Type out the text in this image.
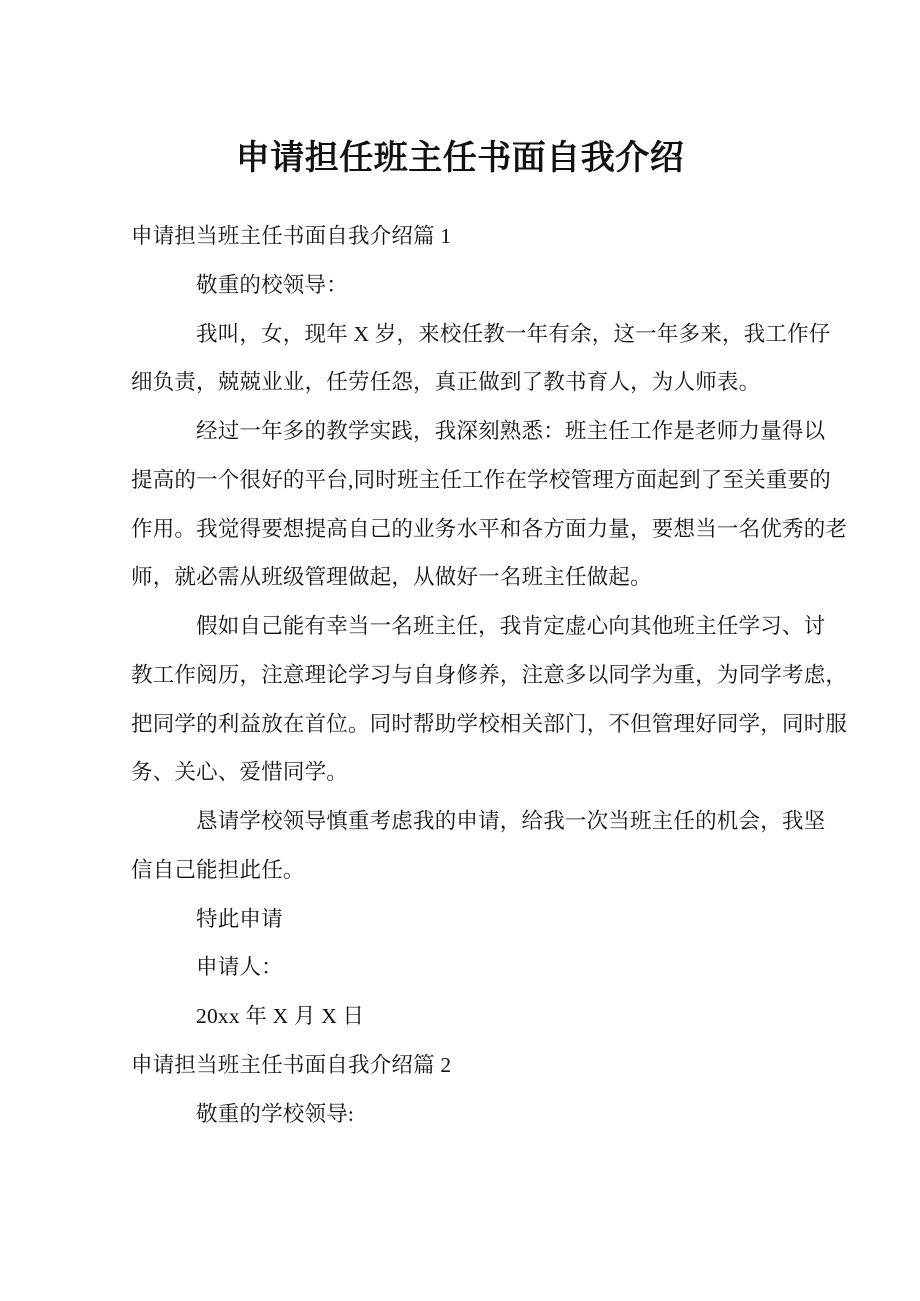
申请担任班主任书面自我介绍
申请担当班主任书面自我介绍篇 1
敬重的校领导：
我叫，女，现年 X 岁，来校任教一年有余，这一年多来，我工作仔
细负责，兢兢业业，任劳任怨，真正做到了教书育人，为人师表。
经过一年多的教学实践，我深刻熟悉：班主任工作是老师力量得以
提高的一个很好的平台,同时班主任工作在学校管理方面起到了至关重要的
作用。我觉得要想提高自己的业务水平和各方面力量，要想当一名优秀的老
师，就必需从班级管理做起，从做好一名班主任做起。
假如自己能有幸当一名班主任，我肯定虚心向其他班主任学习、讨
教工作阅历，注意理论学习与自身修养，注意多以同学为重，为同学考虑，
把同学的利益放在首位。同时帮助学校相关部门，不但管理好同学，同时服
务、关心、爱惜同学。
恳请学校领导慎重考虑我的申请，给我一次当班主任的机会，我坚
信自己能担此任。
特此申请
申请人：
20xx 年 X 月 X 日
申请担当班主任书面自我介绍篇 2
敬重的学校领导:
